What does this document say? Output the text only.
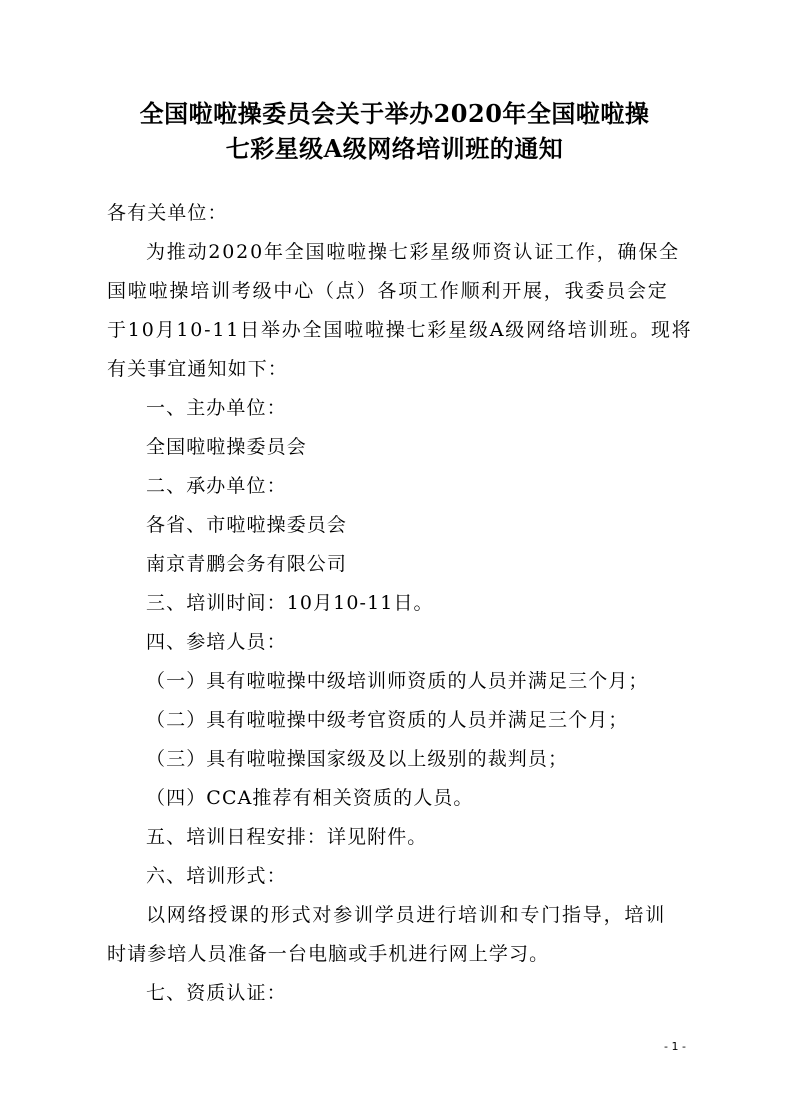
全国啦啦操委员会关于举办2020年全国啦啦操
七彩星级A级网络培训班的通知
各有关单位：
为推动2020年全国啦啦操七彩星级师资认证工作，确保全
国啦啦操培训考级中心（点）各项工作顺利开展，我委员会定
于10月10-11日举办全国啦啦操七彩星级A级网络培训班。现将
有关事宜通知如下：
一、主办单位：
全国啦啦操委员会
二、承办单位：
各省、市啦啦操委员会
南京青鹏会务有限公司
三、培训时间：10月10-11日。
四、参培人员：
（一）具有啦啦操中级培训师资质的人员并满足三个月；
（二）具有啦啦操中级考官资质的人员并满足三个月；
（三）具有啦啦操国家级及以上级别的裁判员；
（四）CCA推荐有相关资质的人员。
五、培训日程安排：详见附件。
六、培训形式：
以网络授课的形式对参训学员进行培训和专门指导，培训
时请参培人员准备一台电脑或手机进行网上学习。
七、资质认证：
- 1 -
